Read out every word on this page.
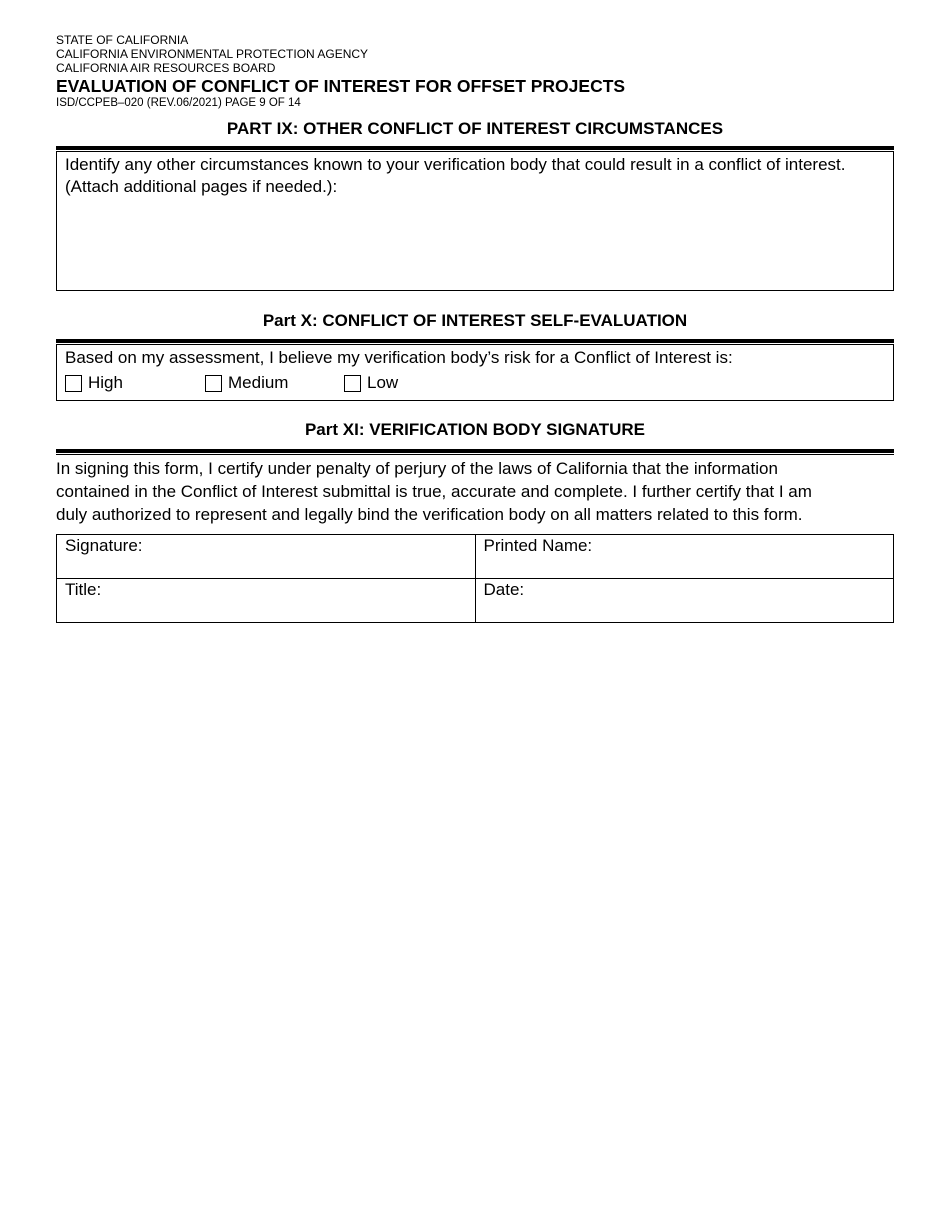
STATE OF CALIFORNIA
CALIFORNIA ENVIRONMENTAL PROTECTION AGENCY
CALIFORNIA AIR RESOURCES BOARD
EVALUATION OF CONFLICT OF INTEREST FOR OFFSET PROJECTS
ISD/CCPEB–020 (REV.06/2021) PAGE 9 OF 14
PART IX: OTHER CONFLICT OF INTEREST CIRCUMSTANCES
Identify any other circumstances known to your verification body that could result in a conflict of interest. (Attach additional pages if needed.):
Part X: CONFLICT OF INTEREST SELF-EVALUATION
Based on my assessment, I believe my verification body’s risk for a Conflict of Interest is:
High	Medium	Low
Part XI: VERIFICATION BODY SIGNATURE
In signing this form, I certify under penalty of perjury of the laws of California that the information
contained in the Conflict of Interest submittal is true, accurate and complete. I further certify that I am
duly authorized to represent and legally bind the verification body on all matters related to this form.
Signature:	Printed Name:
Title:	Date:
